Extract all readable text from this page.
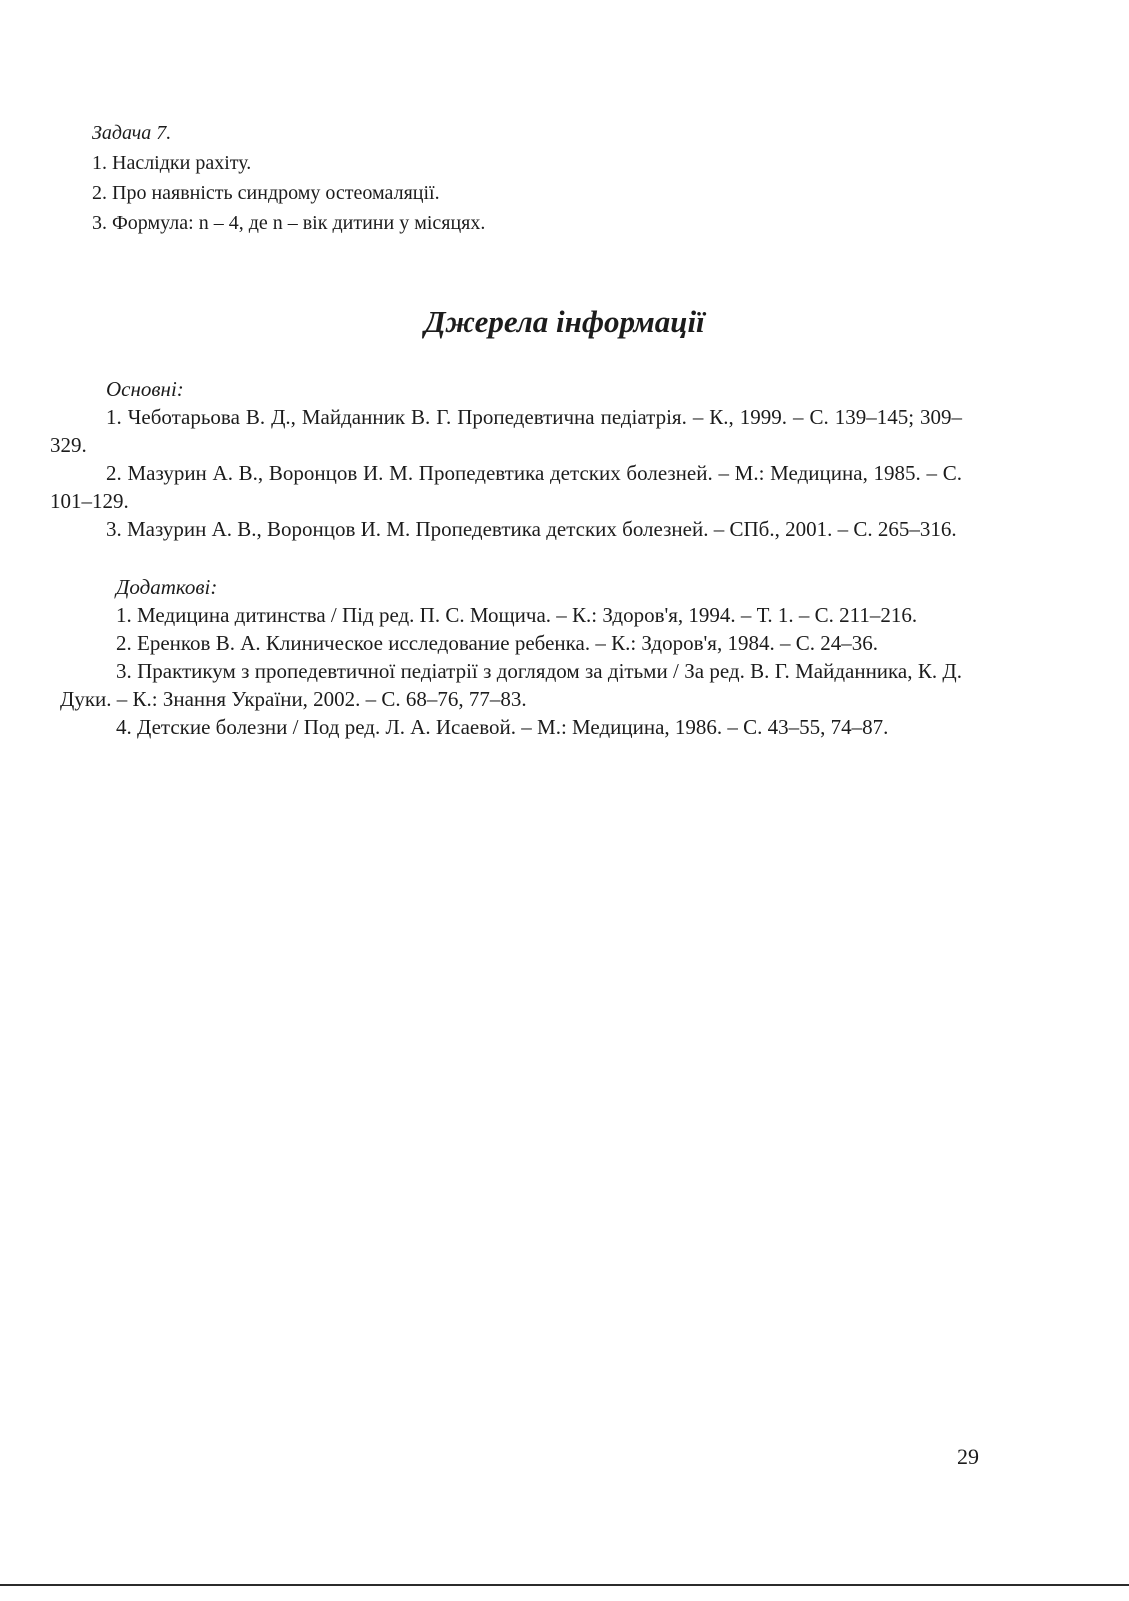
Задача 7.
1. Наслідки рахіту.
2. Про наявність синдрому остеомаляції.
3. Формула: n – 4, де n – вік дитини у місяцях.
Джерела інформації

Основні:

1. Чеботарьова В. Д., Майданник В. Г. Пропедевтична педіатрія. – К., 1999. – С. 139–145; 309–329.

2. Мазурин А. В., Воронцов И. М. Пропедевтика детских болезней. – М.: Медицина, 1985. – С. 101–129.

3. Мазурин А. В., Воронцов И. М. Пропедевтика детских болезней. – СПб., 2001. – С. 265–316.

Додаткові:

1. Медицина дитинства / Під ред. П. С. Мощича. – К.: Здоров'я, 1994. – Т. 1. – С. 211–216.

2. Еренков В. А. Клиническое исследование ребенка. – К.: Здоров'я, 1984. – С. 24–36.

3. Практикум з пропедевтичної педіатрії з доглядом за дітьми / За ред. В. Г. Майданника, К. Д. Дуки. – К.: Знання України, 2002. – С. 68–76, 77–83.

4. Детские болезни / Под ред. Л. А. Исаевой. – М.: Медицина, 1986. – С. 43–55, 74–87.

29
